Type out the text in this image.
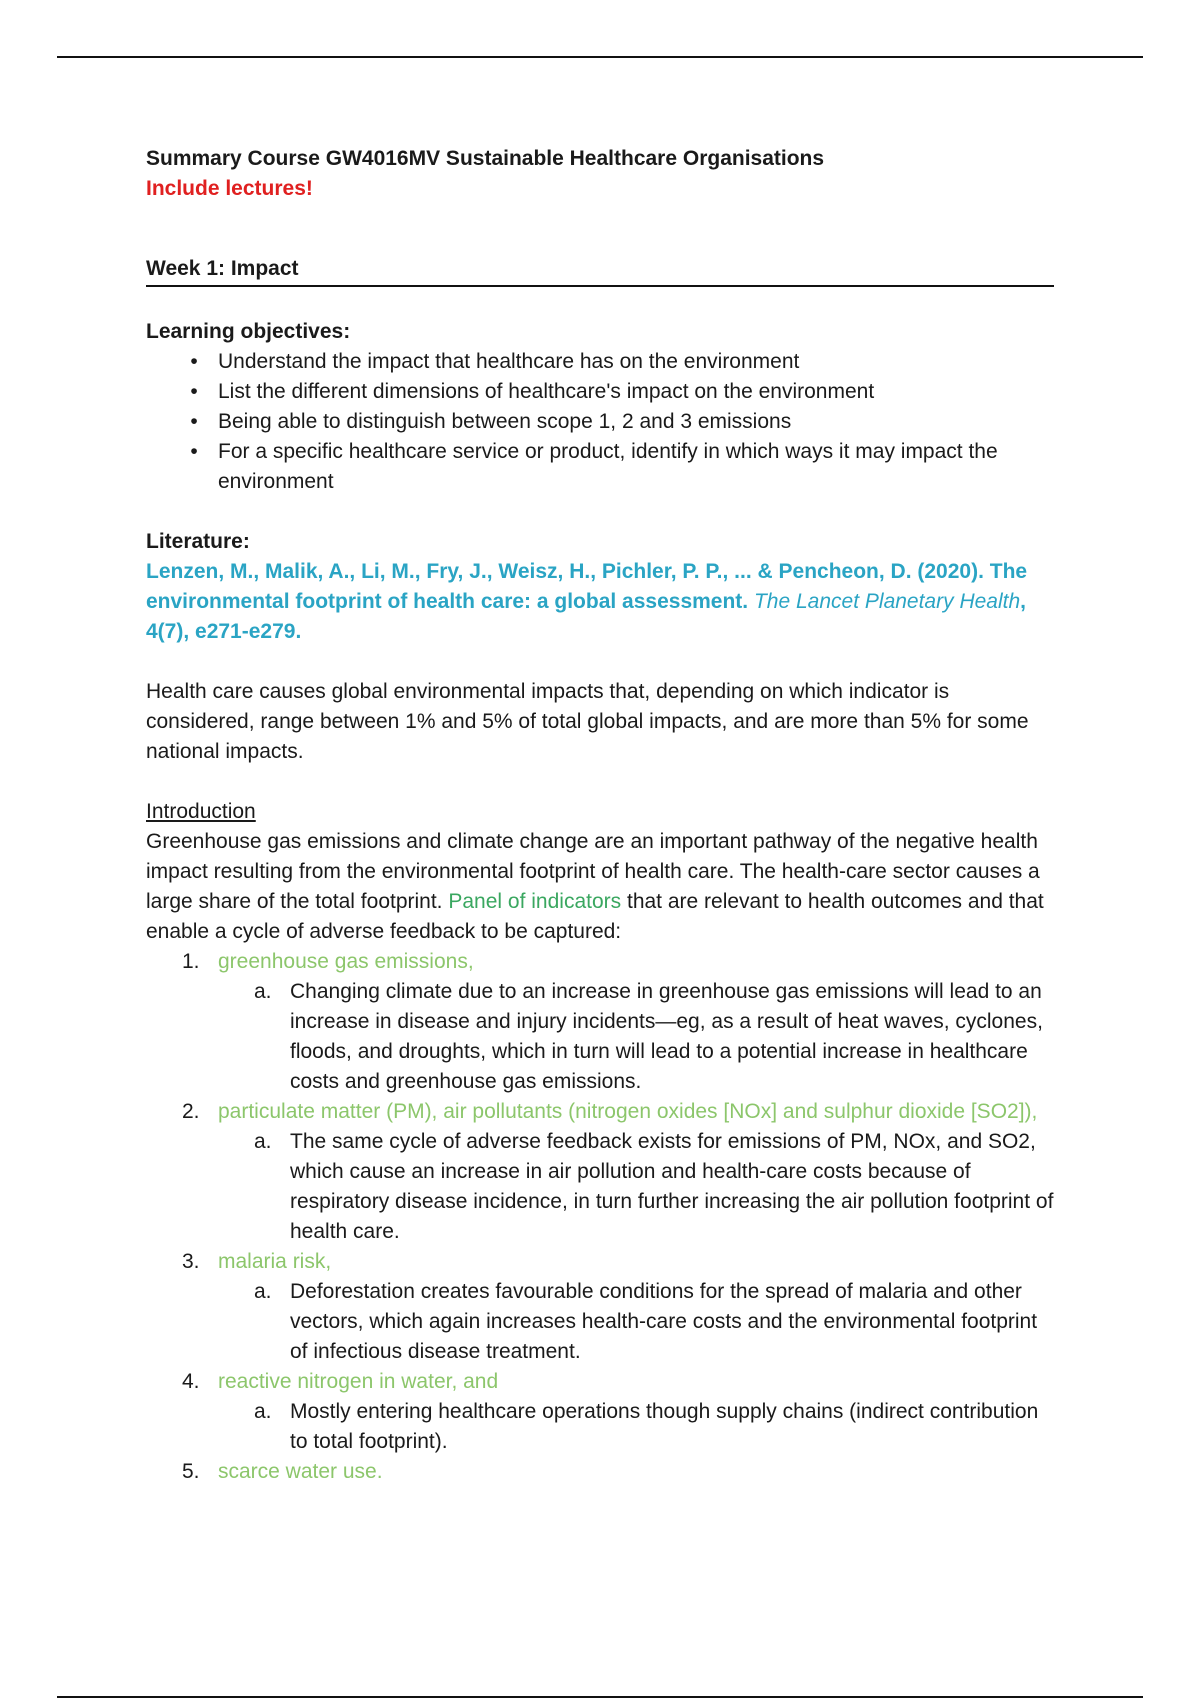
Summary Course GW4016MV Sustainable Healthcare Organisations

Include lectures!

Week 1: Impact
Learning objectives:
• Understand the impact that healthcare has on the environment
• List the different dimensions of healthcare's impact on the environment
• Being able to distinguish between scope 1, 2 and 3 emissions
• For a specific healthcare service or product, identify in which ways it may impact the environment
Literature:

Lenzen, M., Malik, A., Li, M., Fry, J., Weisz, H., Pichler, P. P., ... & Pencheon, D. (2020). The environmental footprint of health care: a global assessment. The Lancet Planetary Health, 4(7), e271-e279.

Health care causes global environmental impacts that, depending on which indicator is considered, range between 1% and 5% of total global impacts, and are more than 5% for some national impacts.

Introduction

Greenhouse gas emissions and climate change are an important pathway of the negative health impact resulting from the environmental footprint of health care. The health-care sector causes a large share of the total footprint. Panel of indicators that are relevant to health outcomes and that enable a cycle of adverse feedback to be captured:

1. greenhouse gas emissions,
a. Changing climate due to an increase in greenhouse gas emissions will lead to an increase in disease and injury incidents—eg, as a result of heat waves, cyclones, floods, and droughts, which in turn will lead to a potential increase in healthcare costs and greenhouse gas emissions.
2. particulate matter (PM), air pollutants (nitrogen oxides [NOx] and sulphur dioxide [SO2]),
a. The same cycle of adverse feedback exists for emissions of PM, NOx, and SO2, which cause an increase in air pollution and health-care costs because of respiratory disease incidence, in turn further increasing the air pollution footprint of health care.
3. malaria risk,
a. Deforestation creates favourable conditions for the spread of malaria and other vectors, which again increases health-care costs and the environmental footprint of infectious disease treatment.
4. reactive nitrogen in water, and
a. Mostly entering healthcare operations though supply chains (indirect contribution to total footprint).
5. scarce water use.
